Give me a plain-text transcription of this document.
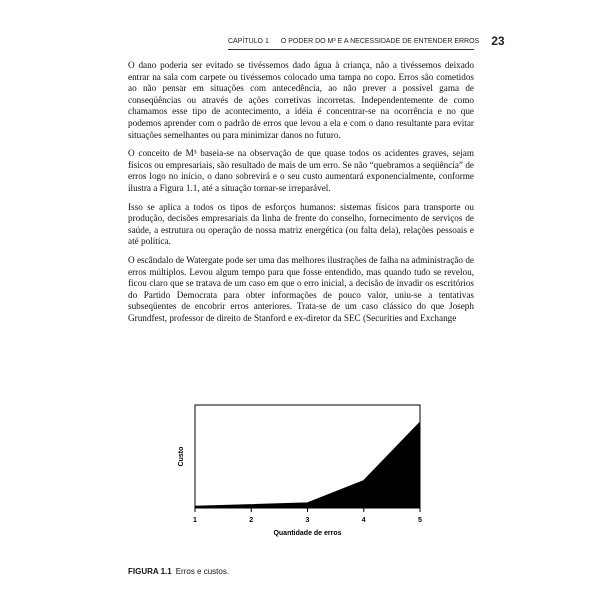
CAPÍTULO 1 O PODER DO M³ E A NECESSIDADE DE ENTENDER ERROS 23

O dano poderia ser evitado se tivéssemos dado água à criança, não a tivéssemos deixado entrar na sala com carpete ou tivéssemos colocado uma tampa no copo. Erros são cometidos ao não pensar em situações com antecedência, ao não prever a possível gama de conseqüências ou através de ações corretivas incorretas. Independentemente de como chamamos esse tipo de acontecimento, a idéia é concentrar-se na ocorrência e no que podemos aprender com o padrão de erros que levou a ela e com o dano resultante para evitar situações semelhantes ou para minimizar danos no futuro.

O conceito de M³ baseia-se na observação de que quase todos os acidentes graves, sejam físicos ou empresariais, são resultado de mais de um erro. Se não “quebramos a seqüência” de erros logo no início, o dano sobrevirá e o seu custo aumentará exponencialmente, conforme ilustra a Figura 1.1, até a situação tornar-se irreparável.

Isso se aplica a todos os tipos de esforços humanos: sistemas físicos para transporte ou produção, decisões empresariais da linha de frente do conselho, fornecimento de serviços de saúde, a estrutura ou operação de nossa matriz energética (ou falta dela), relações pessoais e até política.

O escândalo de Watergate pode ser uma das melhores ilustrações de falha na administração de erros múltiplos. Levou algum tempo para que fosse entendido, mas quando tudo se revelou, ficou claro que se tratava de um caso em que o erro inicial, a decisão de invadir os escritórios do Partido Democrata para obter informações de pouco valor, uniu-se a tentativas subseqüentes de encobrir erros anteriores. Trata-se de um caso clássico do que Joseph Grundfest, professor de direito de Stanford e ex-diretor da SEC (Securities and Exchange

1	2	3	4	5
Quantidade de erros
Custo
FIGURA 1.1 Erros e custos.
